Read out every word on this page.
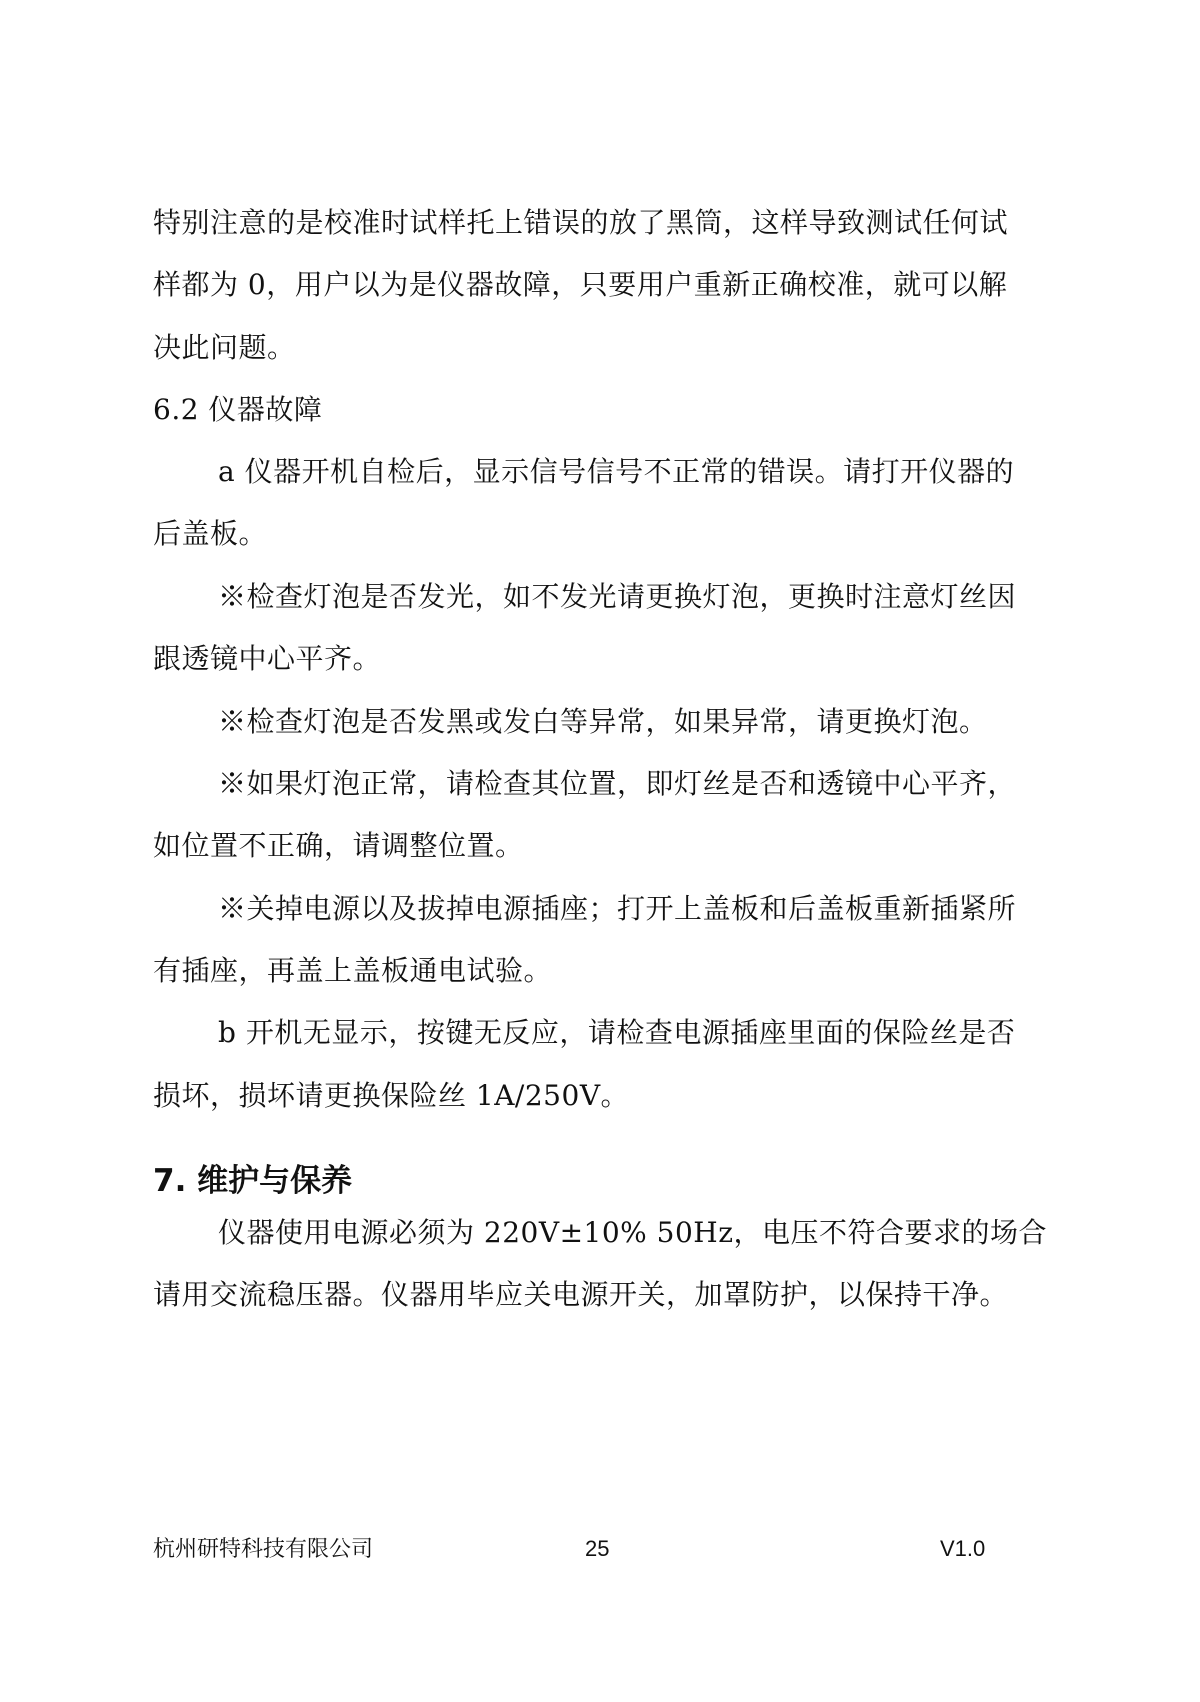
特别注意的是校准时试样托上错误的放了黑筒，这样导致测试任何试
样都为 0，用户以为是仪器故障，只要用户重新正确校准，就可以解
决此问题。
6.2 仪器故障
a 仪器开机自检后，显示信号信号不正常的错误。请打开仪器的
后盖板。
※检查灯泡是否发光，如不发光请更换灯泡，更换时注意灯丝因
跟透镜中心平齐。
※检查灯泡是否发黑或发白等异常，如果异常，请更换灯泡。
※如果灯泡正常，请检查其位置，即灯丝是否和透镜中心平齐，
如位置不正确，请调整位置。
※关掉电源以及拔掉电源插座；打开上盖板和后盖板重新插紧所
有插座，再盖上盖板通电试验。
b 开机无显示，按键无反应，请检查电源插座里面的保险丝是否
损坏，损坏请更换保险丝 1A/250V。
7. 维护与保养
仪器使用电源必须为 220V±10% 50Hz，电压不符合要求的场合
请用交流稳压器。仪器用毕应关电源开关，加罩防护，以保持干净。
杭州研特科技有限公司	25	V1.0
